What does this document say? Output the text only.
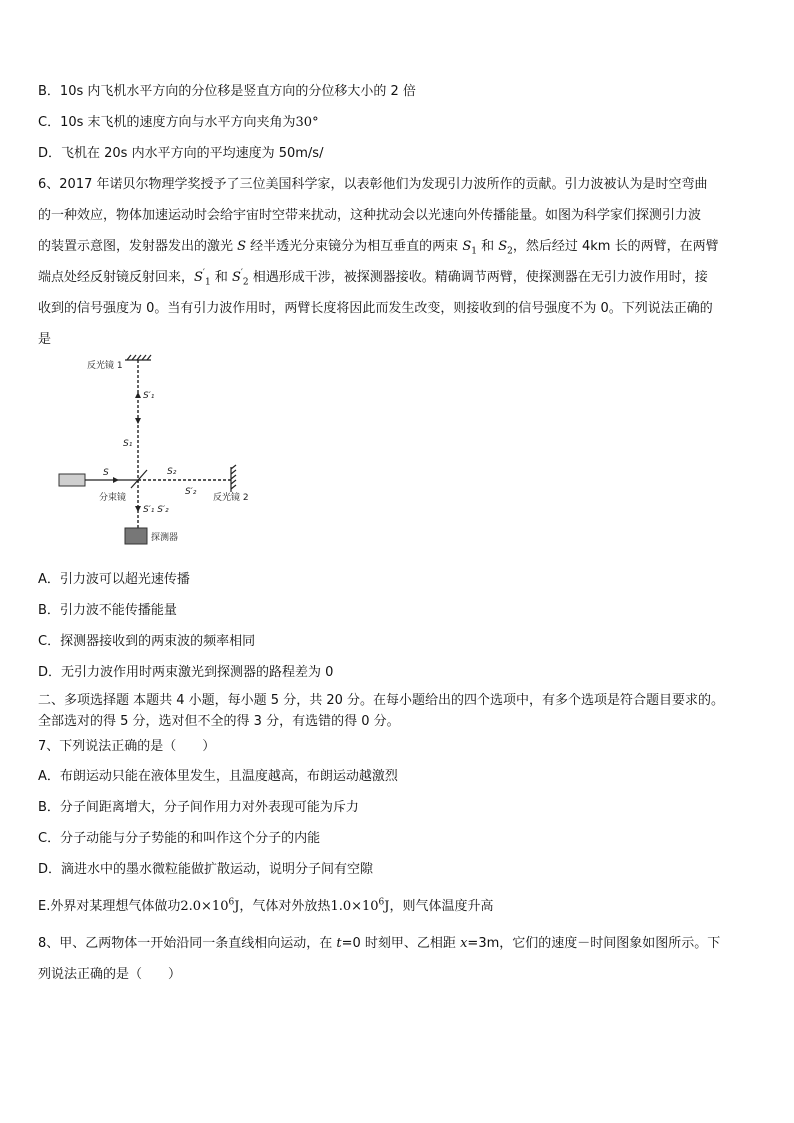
B．10s 内飞机水平方向的分位移是竖直方向的分位移大小的 2 倍
C．10s 末飞机的速度方向与水平方向夹角为30°
D．飞机在 20s 内水平方向的平均速度为 50m/s/
6、2017 年诺贝尔物理学奖授予了三位美国科学家，以表彰他们为发现引力波所作的贡献。引力波被认为是时空弯曲
的一种效应，物体加速运动时会给宇宙时空带来扰动，这种扰动会以光速向外传播能量。如图为科学家们探测引力波
的装置示意图，发射器发出的激光 S 经半透光分束镜分为相互垂直的两束 $S_1$ 和 $S_2$，然后经过 4km 长的两臂，在两臂
端点处经反射镜反射回来，$S'_1$ 和 $S'_2$ 相遇形成干涉，被探测器接收。精确调节两臂，使探测器在无引力波作用时，接
收到的信号强度为 0。当有引力波作用时，两臂长度将因此而发生改变，则接收到的信号强度不为 0。下列说法正确的
是
反光镜 1
S′₁
S₁
S
分束镜
S₂
S′₂
反光镜 2
S′₁ S′₂
探测器
A．引力波可以超光速传播
B．引力波不能传播能量
C．探测器接收到的两束波的频率相同
D．无引力波作用时两束激光到探测器的路程差为 0
二、多项选择题 本题共 4 小题，每小题 5 分，共 20 分。在每小题给出的四个选项中，有多个选项是符合题目要求的。
全部选对的得 5 分，选对但不全的得 3 分，有选错的得 0 分。
7、下列说法正确的是（　　）
A．布朗运动只能在液体里发生，且温度越高，布朗运动越激烈
B．分子间距离增大，分子间作用力对外表现可能为斥力
C．分子动能与分子势能的和叫作这个分子的内能
D．滴进水中的墨水微粒能做扩散运动，说明分子间有空隙
E.外界对某理想气体做功$2.0\times 10^6J$，气体对外放热$1.0\times 10^6J$，则气体温度升高
8、甲、乙两物体一开始沿同一条直线相向运动，在 t=0 时刻甲、乙相距 x=3m，它们的速度－时间图象如图所示。下
列说法正确的是（　　）
